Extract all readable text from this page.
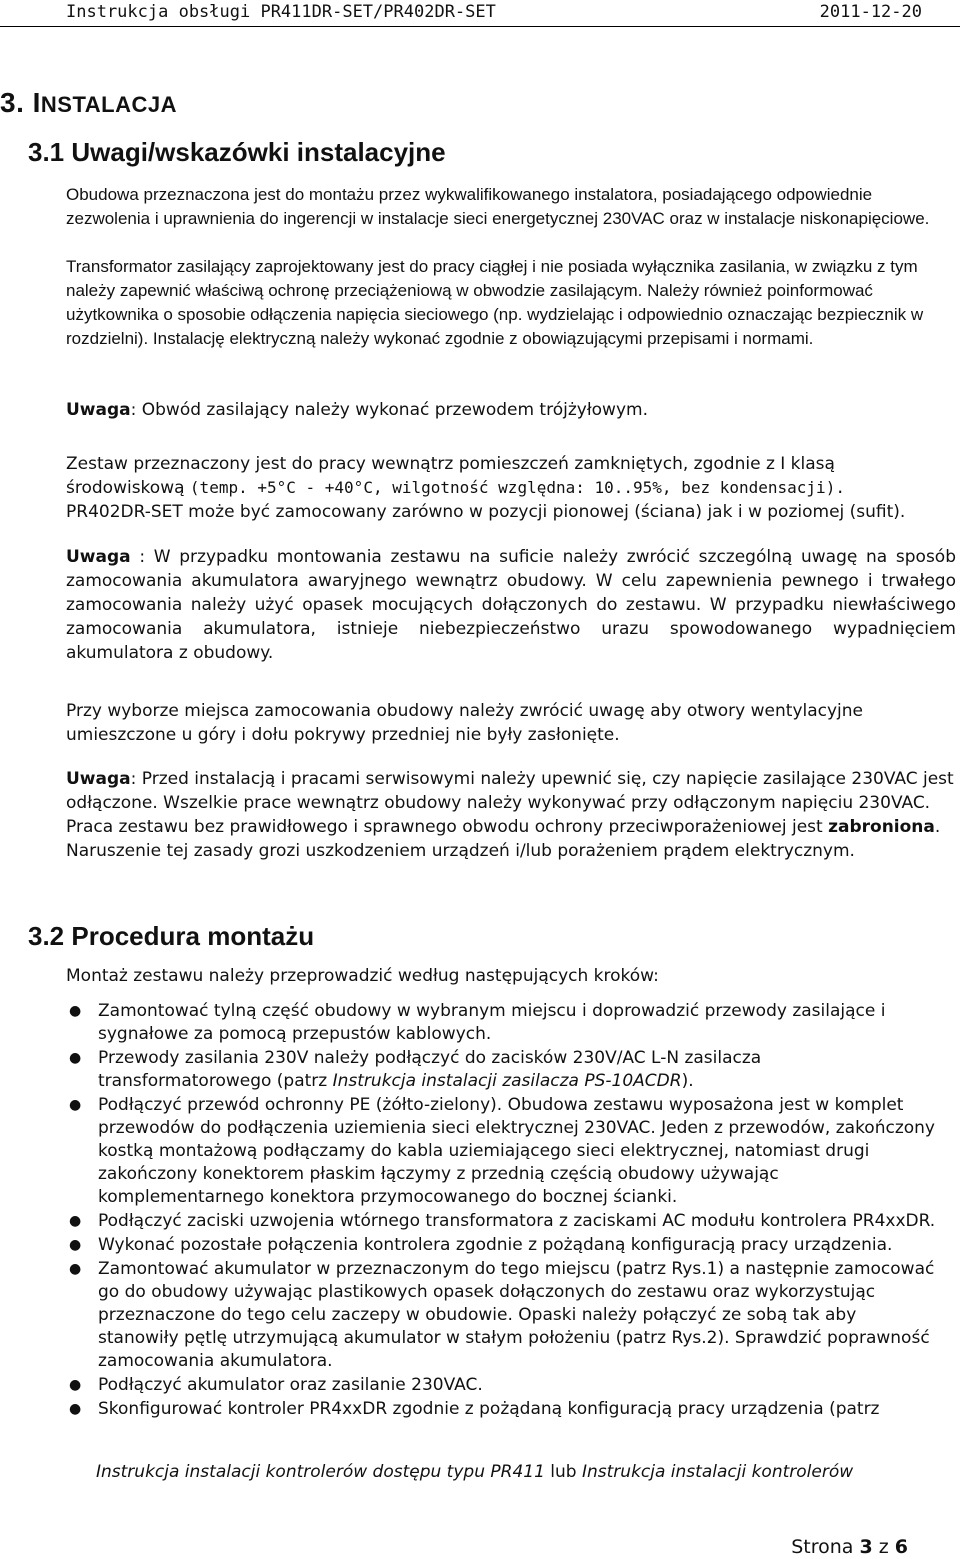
Instrukcja obsługi PR411DR-SET/PR402DR-SET	2011-12-20
3. INSTALACJA
3.1 Uwagi/wskazówki instalacyjne

Obudowa przeznaczona jest do montażu przez wykwalifikowanego instalatora, posiadającego odpowiednie zezwolenia i uprawnienia do ingerencji w instalacje sieci energetycznej 230VAC oraz w instalacje niskonapięciowe.

Transformator zasilający zaprojektowany jest do pracy ciągłej i nie posiada wyłącznika zasilania, w związku z tym należy zapewnić właściwą ochronę przeciążeniową w obwodzie zasilającym. Należy również poinformować użytkownika o sposobie odłączenia napięcia sieciowego (np. wydzielając i odpowiednio oznaczając bezpiecznik w rozdzielni). Instalację elektryczną należy wykonać zgodnie z obowiązującymi przepisami i normami.

Uwaga: Obwód zasilający należy wykonać przewodem trójżyłowym.

Zestaw przeznaczony jest do pracy wewnątrz pomieszczeń zamkniętych, zgodnie z I klasą
środowiskową (temp. +5°C - +40°C, wilgotność względna: 10..95%, bez kondensacji).
PR402DR-SET może być zamocowany zarówno w pozycji pionowej (ściana) jak i w poziomej (sufit).

Uwaga : W przypadku montowania zestawu na suficie należy zwrócić szczególną uwagę na sposób zamocowania akumulatora awaryjnego wewnątrz obudowy. W celu zapewnienia pewnego i trwałego zamocowania należy użyć opasek mocujących dołączonych do zestawu. W przypadku niewłaściwego zamocowania akumulatora, istnieje niebezpieczeństwo urazu spowodowanego wypadnięciem akumulatora z obudowy.

Przy wyborze miejsca zamocowania obudowy należy zwrócić uwagę aby otwory wentylacyjne umieszczone u góry i dołu pokrywy przedniej nie były zasłonięte.

Uwaga: Przed instalacją i pracami serwisowymi należy upewnić się, czy napięcie zasilające 230VAC jest odłączone. Wszelkie prace wewnątrz obudowy należy wykonywać przy odłączonym napięciu 230VAC. Praca zestawu bez prawidłowego i sprawnego obwodu ochrony przeciwporażeniowej jest zabroniona. Naruszenie tej zasady grozi uszkodzeniem urządzeń i/lub porażeniem prądem elektrycznym.

3.2 Procedura montażu

Montaż zestawu należy przeprowadzić według następujących kroków:

● Zamontować tylną część obudowy w wybranym miejscu i doprowadzić przewody zasilające i sygnałowe za pomocą przepustów kablowych.
● Przewody zasilania 230V należy podłączyć do zacisków 230V/AC L-N zasilacza transformatorowego (patrz Instrukcja instalacji zasilacza PS-10ACDR).
● Podłączyć przewód ochronny PE (żółto-zielony). Obudowa zestawu wyposażona jest w komplet przewodów do podłączenia uziemienia sieci elektrycznej 230VAC. Jeden z przewodów, zakończony kostką montażową podłączamy do kabla uziemiającego sieci elektrycznej, natomiast drugi zakończony konektorem płaskim łączymy z przednią częścią obudowy używając komplementarnego konektora przymocowanego do bocznej ścianki.
● Podłączyć zaciski uzwojenia wtórnego transformatora z zaciskami AC modułu kontrolera PR4xxDR.
● Wykonać pozostałe połączenia kontrolera zgodnie z pożądaną konfiguracją pracy urządzenia.
● Zamontować akumulator w przeznaczonym do tego miejscu (patrz Rys.1) a następnie zamocować go do obudowy używając plastikowych opasek dołączonych do zestawu oraz wykorzystując przeznaczone do tego celu zaczepy w obudowie. Opaski należy połączyć ze sobą tak aby stanowiły pętlę utrzymującą akumulator w stałym położeniu (patrz Rys.2). Sprawdzić poprawność zamocowania akumulatora.
● Podłączyć akumulator oraz zasilanie 230VAC.
● Skonfigurować kontroler PR4xxDR zgodnie z pożądaną konfiguracją pracy urządzenia (patrz
Instrukcja instalacji kontrolerów dostępu typu PR411 lub Instrukcja instalacji kontrolerów
Strona 3 z 6
